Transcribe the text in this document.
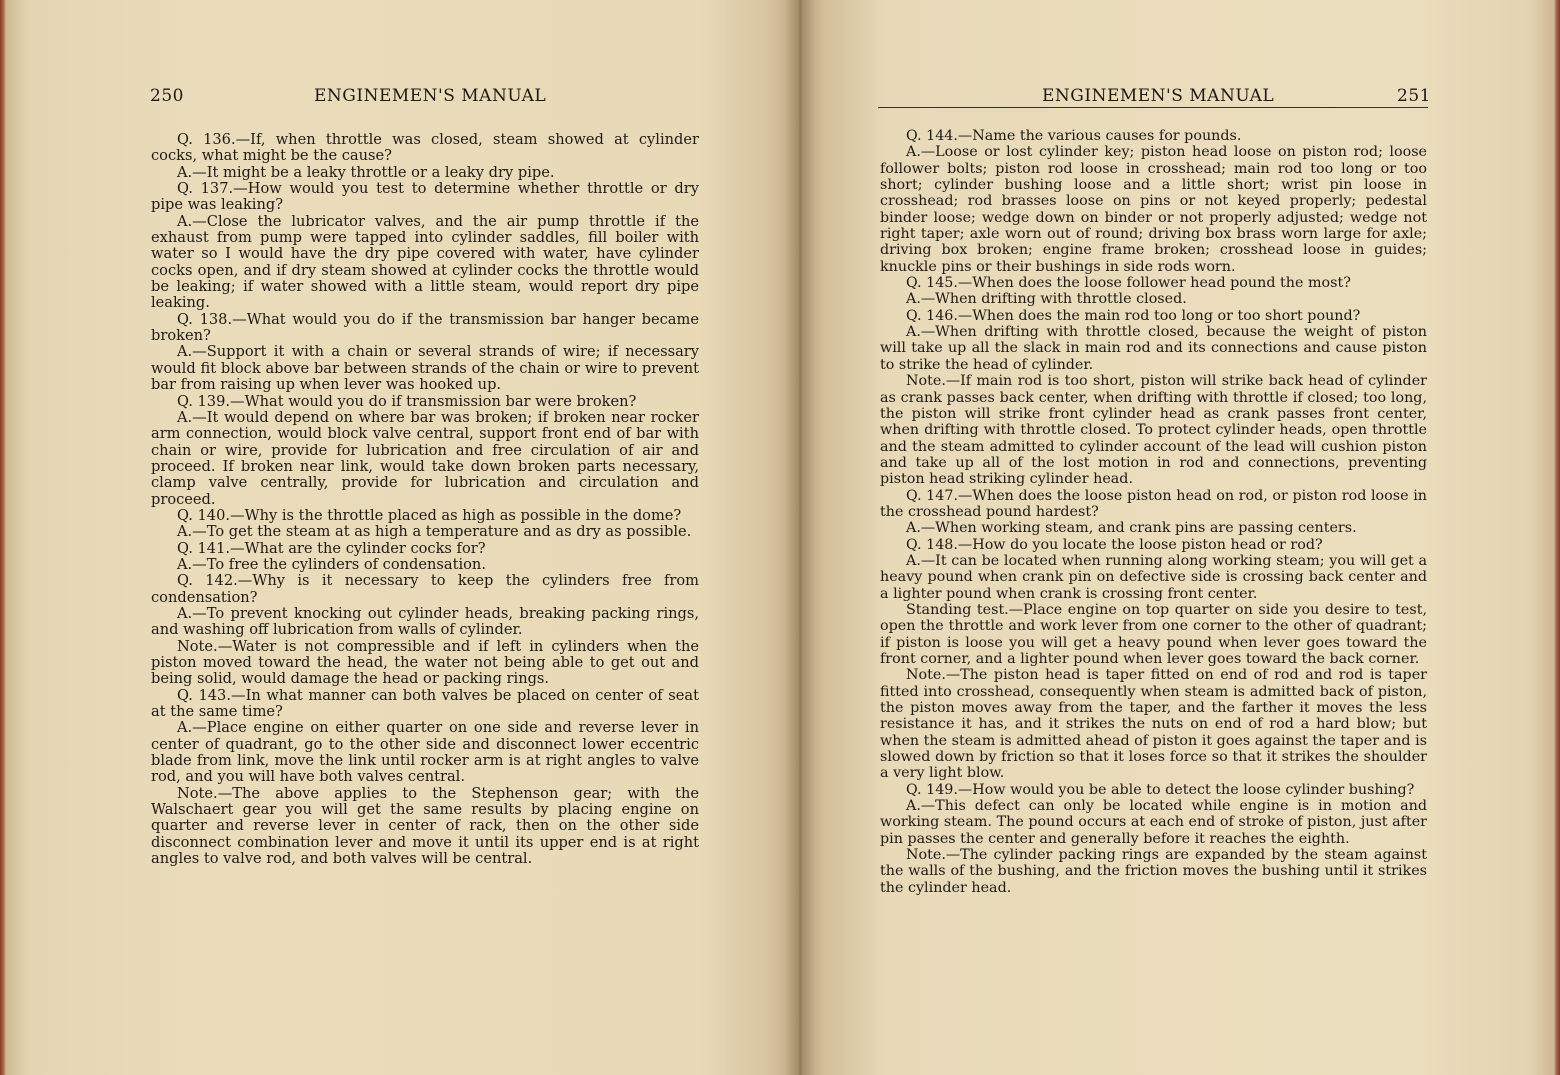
250	ENGINEMEN'S MANUAL

Q. 136.—If, when throttle was closed, steam showed at cylinder cocks, what might be the cause?

A.—It might be a leaky throttle or a leaky dry pipe.

Q. 137.—How would you test to determine whether throttle or dry pipe was leaking?

A.—Close the lubricator valves, and the air pump throttle if the exhaust from pump were tapped into cylinder saddles, fill boiler with water so I would have the dry pipe covered with water, have cylinder cocks open, and if dry steam showed at cylinder cocks the throttle would be leaking; if water showed with a little steam, would report dry pipe leaking.

Q. 138.—What would you do if the transmission bar hanger became broken?

A.—Support it with a chain or several strands of wire; if necessary would fit block above bar between strands of the chain or wire to prevent bar from raising up when lever was hooked up.

Q. 139.—What would you do if transmission bar were broken?

A.—It would depend on where bar was broken; if broken near rocker arm connection, would block valve central, support front end of bar with chain or wire, provide for lubrication and free circulation of air and proceed. If broken near link, would take down broken parts necessary, clamp valve centrally, provide for lubrication and circulation and proceed.

Q. 140.—Why is the throttle placed as high as possible in the dome?

A.—To get the steam at as high a temperature and as dry as possible.

Q. 141.—What are the cylinder cocks for?

A.—To free the cylinders of condensation.

Q. 142.—Why is it necessary to keep the cylinders free from condensation?

A.—To prevent knocking out cylinder heads, breaking packing rings, and washing off lubrication from walls of cylinder.

Note.—Water is not compressible and if left in cylinders when the piston moved toward the head, the water not being able to get out and being solid, would damage the head or packing rings.

Q. 143.—In what manner can both valves be placed on center of seat at the same time?

A.—Place engine on either quarter on one side and reverse lever in center of quadrant, go to the other side and disconnect lower eccentric blade from link, move the link until rocker arm is at right angles to valve rod, and you will have both valves central.

Note.—The above applies to the Stephenson gear; with the Walschaert gear you will get the same results by placing engine on quarter and reverse lever in center of rack, then on the other side disconnect combination lever and move it until its upper end is at right angles to valve rod, and both valves will be central.

ENGINEMEN'S MANUAL	251

Q. 144.—Name the various causes for pounds.

A.—Loose or lost cylinder key; piston head loose on piston rod; loose follower bolts; piston rod loose in crosshead; main rod too long or too short; cylinder bushing loose and a little short; wrist pin loose in crosshead; rod brasses loose on pins or not keyed properly; pedestal binder loose; wedge down on binder or not properly adjusted; wedge not right taper; axle worn out of round; driving box brass worn large for axle; driving box broken; engine frame broken; crosshead loose in guides; knuckle pins or their bushings in side rods worn.

Q. 145.—When does the loose follower head pound the most?

A.—When drifting with throttle closed.

Q. 146.—When does the main rod too long or too short pound?

A.—When drifting with throttle closed, because the weight of piston will take up all the slack in main rod and its connections and cause piston to strike the head of cylinder.

Note.—If main rod is too short, piston will strike back head of cylinder as crank passes back center, when drifting with throttle if closed; too long, the piston will strike front cylinder head as crank passes front center, when drifting with throttle closed. To protect cylinder heads, open throttle and the steam admitted to cylinder account of the lead will cushion piston and take up all of the lost motion in rod and connections, preventing piston head striking cylinder head.

Q. 147.—When does the loose piston head on rod, or piston rod loose in the crosshead pound hardest?

A.—When working steam, and crank pins are passing centers.

Q. 148.—How do you locate the loose piston head or rod?

A.—It can be located when running along working steam; you will get a heavy pound when crank pin on defective side is crossing back center and a lighter pound when crank is crossing front center.

Standing test.—Place engine on top quarter on side you desire to test, open the throttle and work lever from one corner to the other of quadrant; if piston is loose you will get a heavy pound when lever goes toward the front corner, and a lighter pound when lever goes toward the back corner.

Note.—The piston head is taper fitted on end of rod and rod is taper fitted into crosshead, consequently when steam is admitted back of piston, the piston moves away from the taper, and the farther it moves the less resistance it has, and it strikes the nuts on end of rod a hard blow; but when the steam is admitted ahead of piston it goes against the taper and is slowed down by friction so that it loses force so that it strikes the shoulder a very light blow.

Q. 149.—How would you be able to detect the loose cylinder bushing?

A.—This defect can only be located while engine is in motion and working steam. The pound occurs at each end of stroke of piston, just after pin passes the center and generally before it reaches the eighth.

Note.—The cylinder packing rings are expanded by the steam against the walls of the bushing, and the friction moves the bushing until it strikes the cylinder head.
